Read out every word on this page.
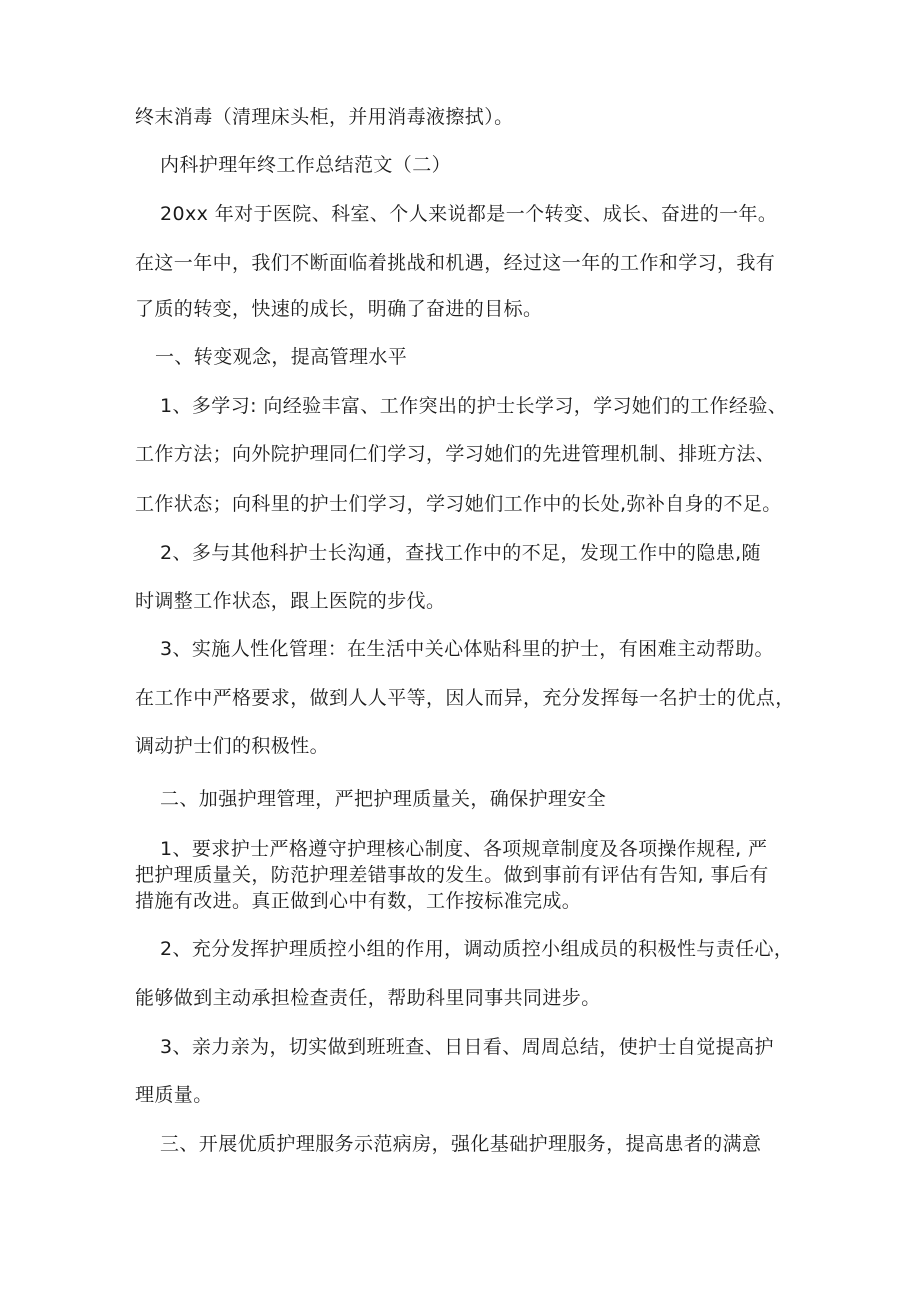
终末消毒（清理床头柜，并用消毒液擦拭）。

内科护理年终工作总结范文（二）

20xx 年对于医院、科室、个人来说都是一个转变、成长、奋进的一年。

在这一年中，我们不断面临着挑战和机遇，经过这一年的工作和学习，我有

了质的转变，快速的成长，明确了奋进的目标。

一、转变观念，提高管理水平

1、多学习: 向经验丰富、工作突出的护士长学习，学习她们的工作经验、

工作方法；向外院护理同仁们学习，学习她们的先进管理机制、排班方法、

工作状态；向科里的护士们学习，学习她们工作中的长处,弥补自身的不足。

2、多与其他科护士长沟通，查找工作中的不足，发现工作中的隐患,随

时调整工作状态，跟上医院的步伐。

3、实施人性化管理：在生活中关心体贴科里的护士，有困难主动帮助。

在工作中严格要求，做到人人平等，因人而异，充分发挥每一名护士的优点，

调动护士们的积极性。

二、加强护理管理，严把护理质量关，确保护理安全

1、要求护士严格遵守护理核心制度、各项规章制度及各项操作规程, 严

把护理质量关，防范护理差错事故的发生。做到事前有评估有告知, 事后有

措施有改进。真正做到心中有数，工作按标准完成。

2、充分发挥护理质控小组的作用，调动质控小组成员的积极性与责任心，

能够做到主动承担检查责任，帮助科里同事共同进步。

3、亲力亲为，切实做到班班查、日日看、周周总结，使护士自觉提高护

理质量。

三、开展优质护理服务示范病房，强化基础护理服务，提高患者的满意
